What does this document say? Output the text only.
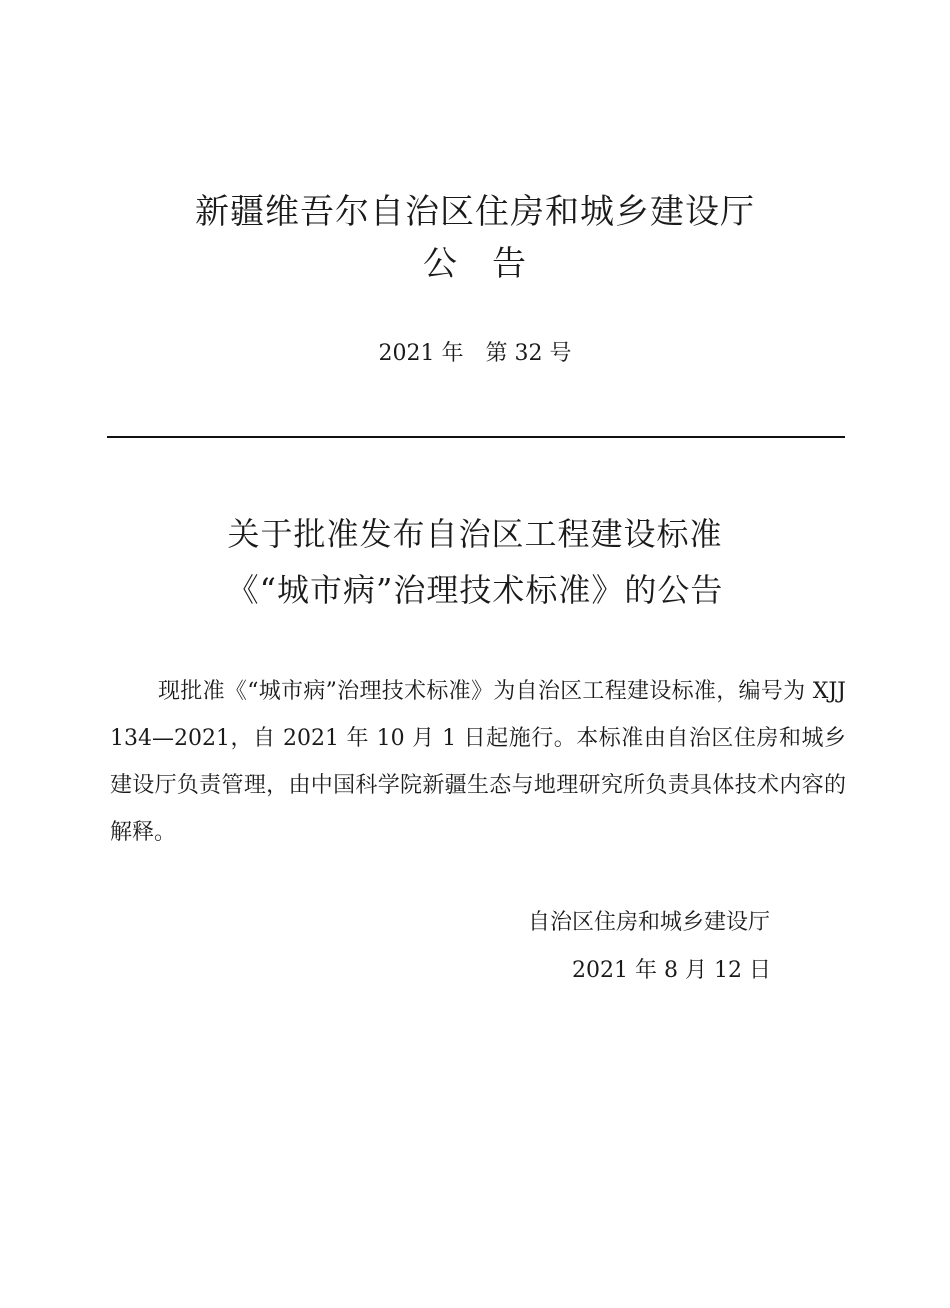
新疆维吾尔自治区住房和城乡建设厅
公 告
2021 年 第 32 号
关于批准发布自治区工程建设标准
《“城市病”治理技术标准》的公告
现批准《“城市病”治理技术标准》为自治区工程建设标准，编号为 XJJ 134—2021，自 2021 年 10 月 1 日起施行。本标准由自治区住房和城乡建设厅负责管理，由中国科学院新疆生态与地理研究所负责具体技术内容的解释。
自治区住房和城乡建设厅
2021 年 8 月 12 日
